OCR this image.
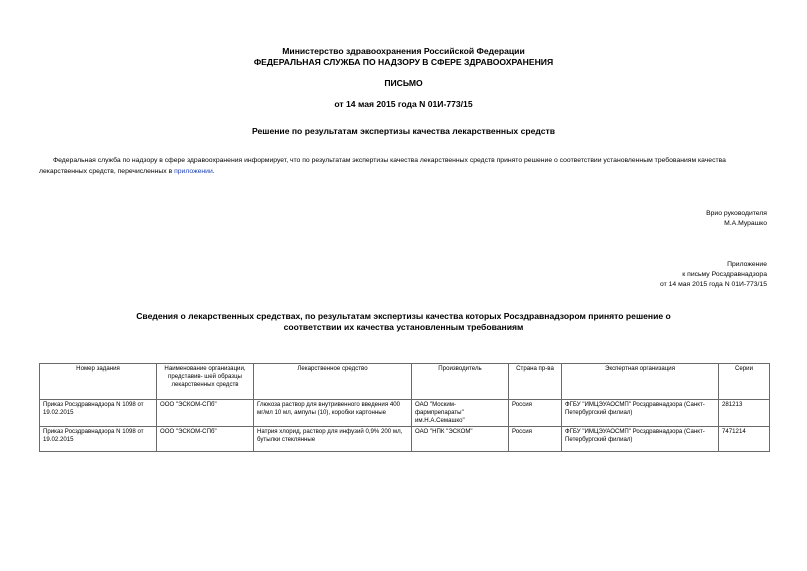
Министерство здравоохранения Российской Федерации
ФЕДЕРАЛЬНАЯ СЛУЖБА ПО НАДЗОРУ В СФЕРЕ ЗДРАВООХРАНЕНИЯ
ПИСЬМО
от 14 мая 2015 года N 01И-773/15
Решение по результатам экспертизы качества лекарственных средств
Федеральная служба по надзору в сфере здравоохранения информирует, что по результатам экспертизы качества лекарственных средств принято решение о соответствии установленным требованиям качества
лекарственных средств, перечисленных в приложении.
Врио руководителя
М.А.Мурашко
Приложение
к письму Росздравнадзора
от 14 мая 2015 года N 01И-773/15
Сведения о лекарственных средствах, по результатам экспертизы качества которых Росздравнадзором принято решение о соответствии их качества установленным требованиям
Номер задания	Наименование организации, представив- шей образцы лекарственных средств	Лекарственное средство	Производитель	Страна пр-ва	Экспертная организация	Серии
Приказ Росздравнадзора N 1098 от 19.02.2015	ООО "ЭСКОМ-СПб"	Глюкоза раствор для внутривенного введения 400 мг/мл 10 мл, ампулы (10), коробки картонные	ОАО "Моским- фармпрепараты" им.Н.А.Семашко"	Россия	ФГБУ "ИМЦЭУАОСМП" Росздравнадзора (Санкт-Петербургский филиал)	281213
Приказ Росздравнадзора N 1098 от 19.02.2015	ООО "ЭСКОМ-СПб"	Натрия хлорид, раствор для инфузий 0,9% 200 мл, бутылки стеклянные	ОАО "НПК "ЭСКОМ"	Россия	ФГБУ "ИМЦЭУАОСМП" Росздравнадзора (Санкт-Петербургский филиал)	7471214
